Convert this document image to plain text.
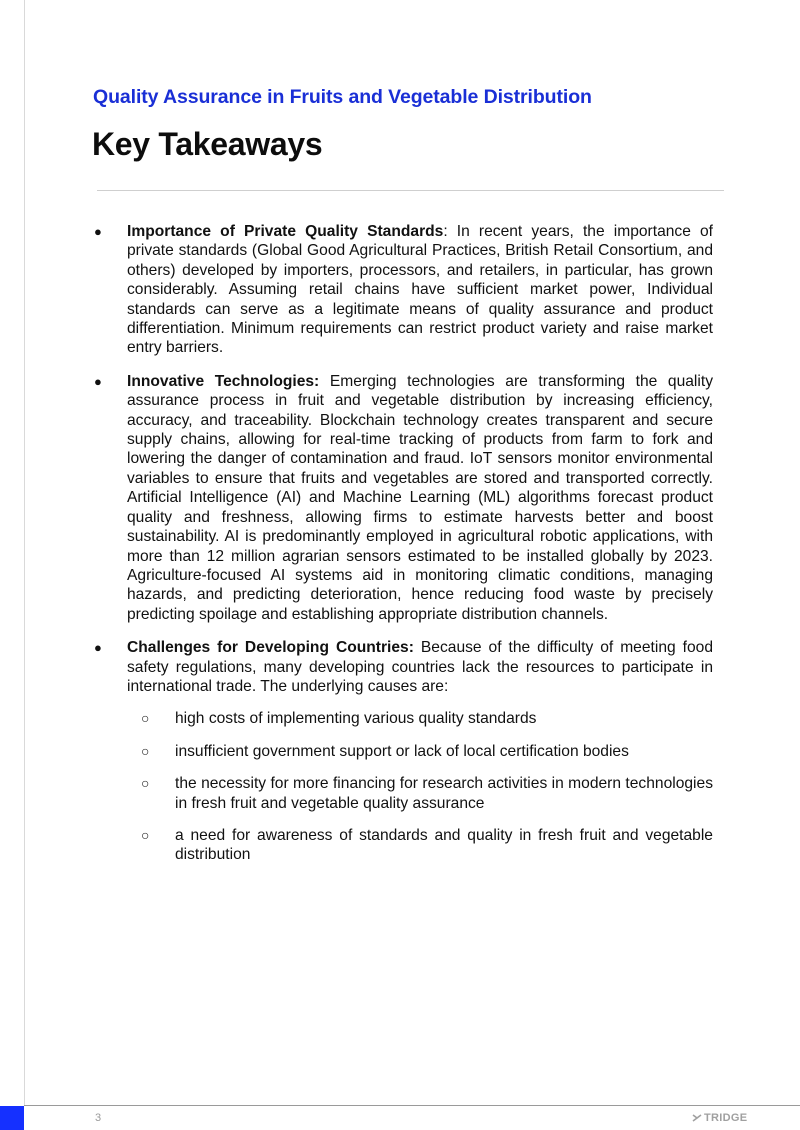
Quality Assurance in Fruits and Vegetable Distribution
Key Takeaways
● Importance of Private Quality Standards: In recent years, the importance of private standards (Global Good Agricultural Practices, British Retail Consortium, and others) developed by importers, processors, and retailers, in particular, has grown considerably. Assuming retail chains have sufficient market power, Individual standards can serve as a legitimate means of quality assurance and product differentiation. Minimum requirements can restrict product variety and raise market entry barriers.
● Innovative Technologies: Emerging technologies are transforming the quality assurance process in fruit and vegetable distribution by increasing efficiency, accuracy, and traceability. Blockchain technology creates transparent and secure supply chains, allowing for real-time tracking of products from farm to fork and lowering the danger of contamination and fraud. IoT sensors monitor environmental variables to ensure that fruits and vegetables are stored and transported correctly. Artificial Intelligence (AI) and Machine Learning (ML) algorithms forecast product quality and freshness, allowing firms to estimate harvests better and boost sustainability. AI is predominantly employed in agricultural robotic applications, with more than 12 million agrarian sensors estimated to be installed globally by 2023. Agriculture-focused AI systems aid in monitoring climatic conditions, managing hazards, and predicting deterioration, hence reducing food waste by precisely predicting spoilage and establishing appropriate distribution channels.
● Challenges for Developing Countries: Because of the difficulty of meeting food safety regulations, many developing countries lack the resources to participate in international trade. The underlying causes are:
○ high costs of implementing various quality standards
○ insufficient government support or lack of local certification bodies
○ the necessity for more financing for research activities in modern technologies in fresh fruit and vegetable quality assurance
○ a need for awareness of standards and quality in fresh fruit and vegetable distribution
3	TRIDGE
